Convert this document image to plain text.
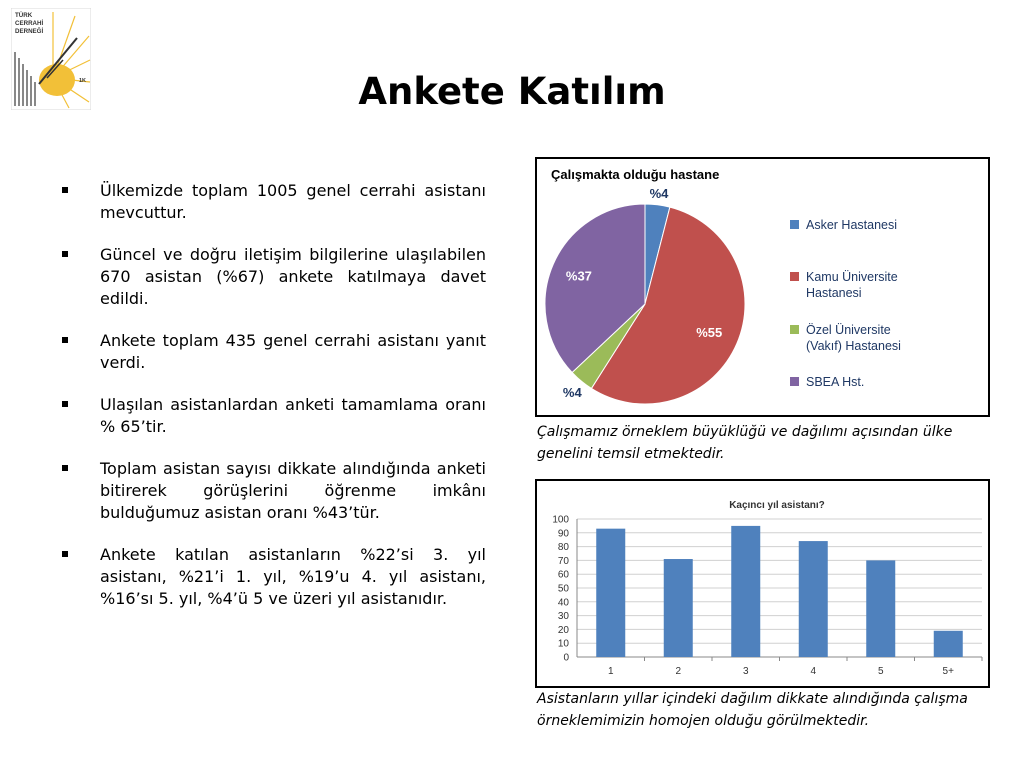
TÜRK
CERRAHİ
DERNEĞİ
1K	Ankete Katılım
Ülkemizde toplam 1005 genel cerrahi asistanı mevcuttur.
Güncel ve doğru iletişim bilgilerine ulaşılabilen 670 asistan (%67) ankete katılmaya davet edildi.
Ankete toplam 435 genel cerrahi asistanı yanıt verdi.
Ulaşılan asistanlardan anketi tamamlama oranı % 65’tir.
Toplam asistan sayısı dikkate alındığında anketi bitirerek görüşlerini öğrenme imkânı bulduğumuz asistan oranı %43’tür.
Ankete katılan asistanların %22’si 3. yıl asistanı, %21’i 1. yıl, %19’u 4. yıl asistanı, %16’sı 5. yıl, %4’ü 5 ve üzeri yıl asistanıdır.
Çalışmakta olduğu hastane
%4
%55
%4
%37
Asker Hastanesi
Kamu Üniversite
Hastanesi
Özel Üniversite
(Vakıf) Hastanesi
SBEA Hst.

Çalışmamız örneklem büyüklüğü ve dağılımı açısından ülke genelini temsil etmektedir.

Kaçıncı yıl asistanı?
0
10
20
30
40
50
60
70
80
90
100
1	2	3	4	5	5+

Asistanların yıllar içindeki dağılım dikkate alındığında çalışma örneklemimizin homojen olduğu görülmektedir.
